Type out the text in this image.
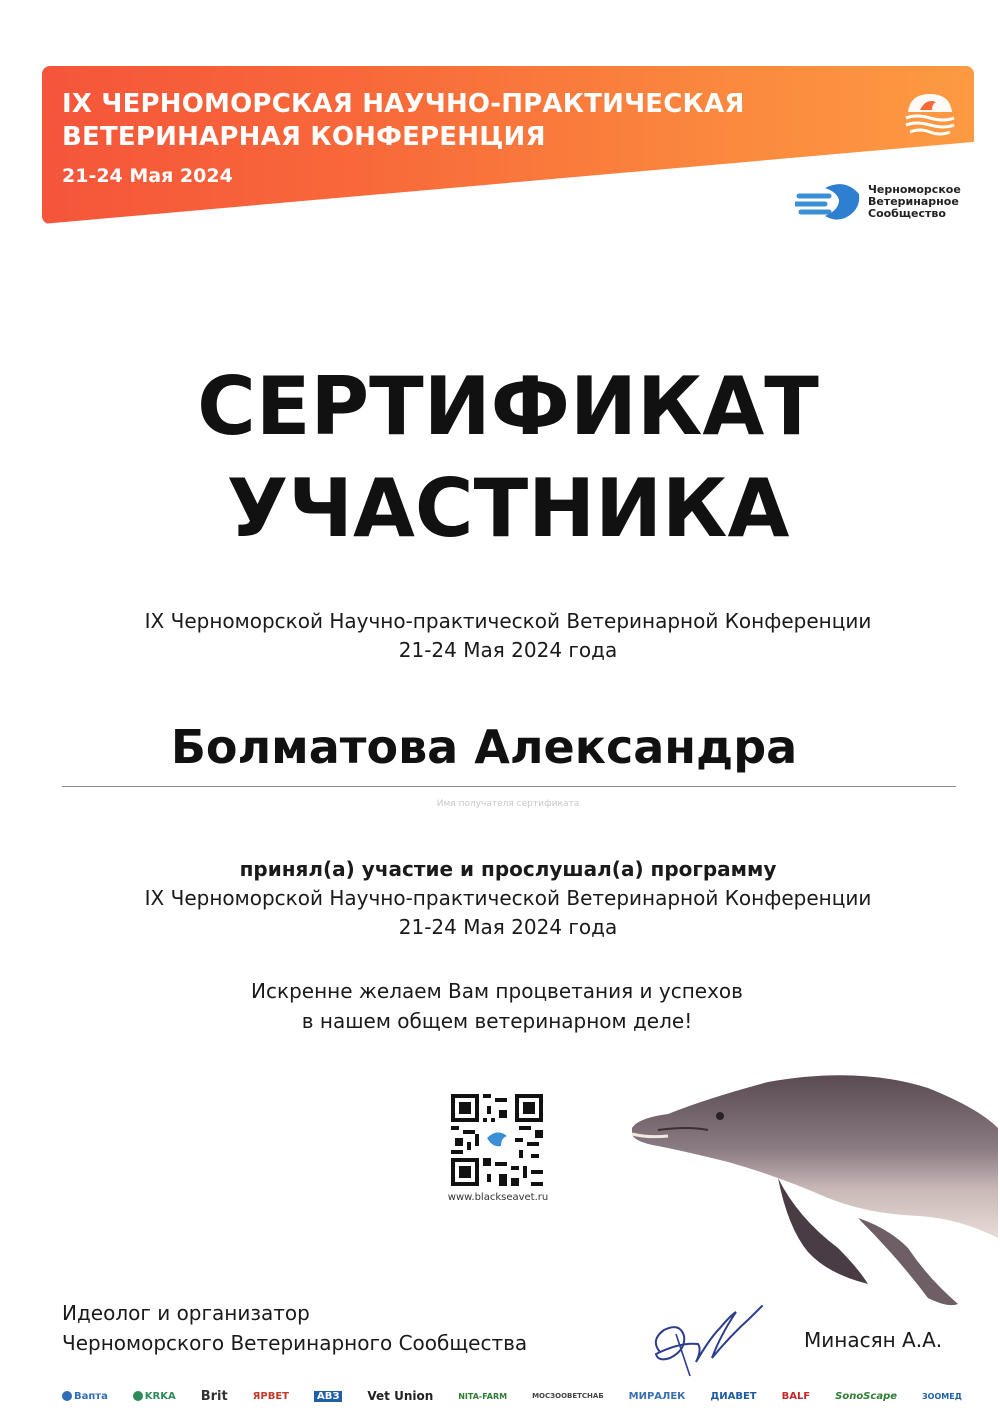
IX ЧЕРНОМОРСКАЯ НАУЧНО-ПРАКТИЧЕСКАЯ
ВЕТЕРИНАРНАЯ КОНФЕРЕНЦИЯ
21-24 Мая 2024
Черноморское
Ветеринарное
Сообщество
СЕРТИФИКАТ
УЧАСТНИКА
IX Черноморской Научно-практической Ветеринарной Конференции
21-24 Мая 2024 года
Болматова Александра
Имя получателя сертификата
принял(а) участие и прослушал(а) программу
IX Черноморской Научно-практической Ветеринарной Конференции
21-24 Мая 2024 года
Искренне желаем Вам процветания и успехов
в нашем общем ветеринарном деле!
www.blackseavet.ru
Идеолог и организатор
Черноморского Ветеринарного Сообщества	Минасян А.А.
Вапта	KRKA Brit ЯРВЕТ	АВЗ Vet Union	NITA-FARM	МОСЗООВЕТСНАБ МИРАЛЕК ДИАВЕТ BALF SonoScape	ЗООМЕД
